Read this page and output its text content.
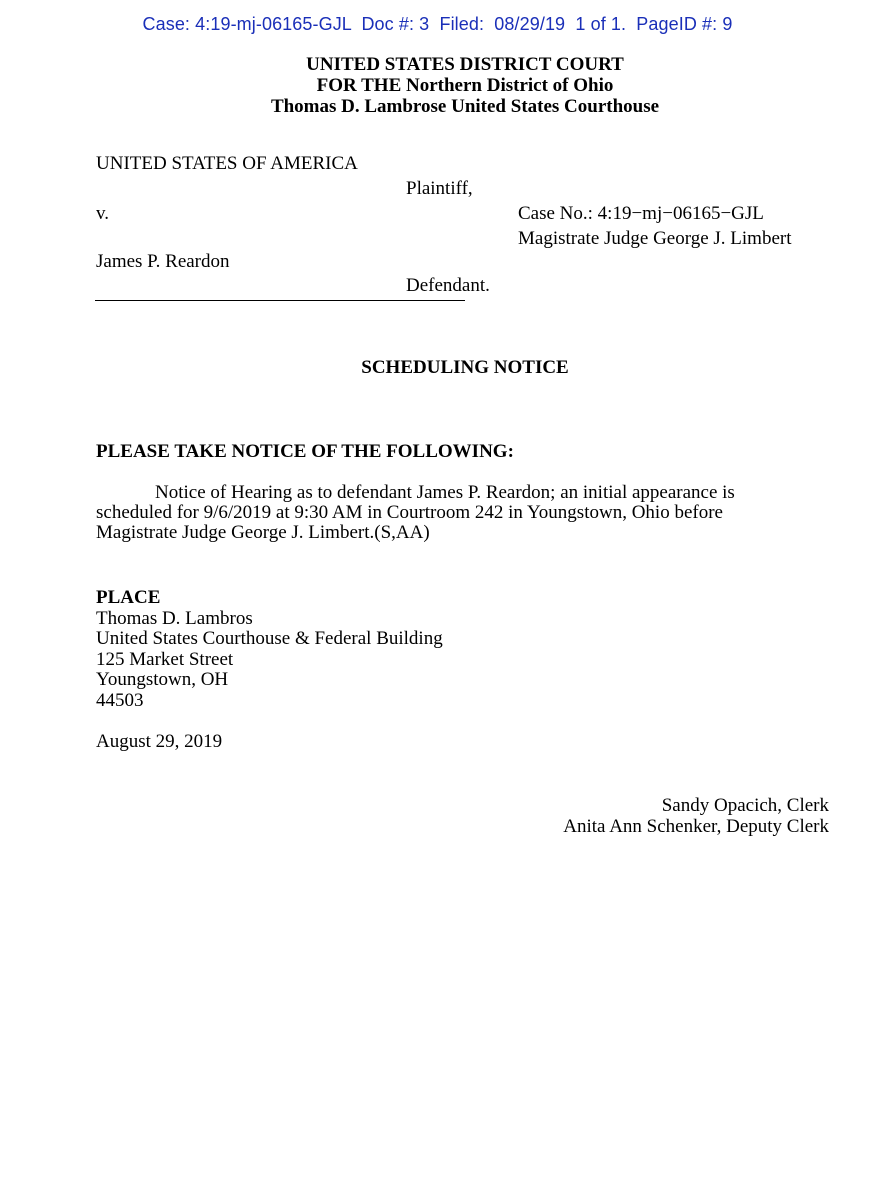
Case: 4:19-mj-06165-GJL  Doc #: 3  Filed:  08/29/19  1 of 1.  PageID #: 9
UNITED STATES DISTRICT COURT
FOR THE Northern District of Ohio
Thomas D. Lambrose United States Courthouse
UNITED STATES OF AMERICA
Plaintiff,
v.	Case No.: 4:19−mj−06165−GJL
Magistrate Judge George J. Limbert
James P. Reardon
Defendant.
SCHEDULING NOTICE
PLEASE TAKE NOTICE OF THE FOLLOWING:
Notice of Hearing as to defendant James P. Reardon; an initial appearance is
scheduled for 9/6/2019 at 9:30 AM in Courtroom 242 in Youngstown, Ohio before
Magistrate Judge George J. Limbert.(S,AA)
PLACE
Thomas D. Lambros
United States Courthouse & Federal Building
125 Market Street
Youngstown, OH
44503
August 29, 2019
Sandy Opacich, Clerk
Anita Ann Schenker, Deputy Clerk
